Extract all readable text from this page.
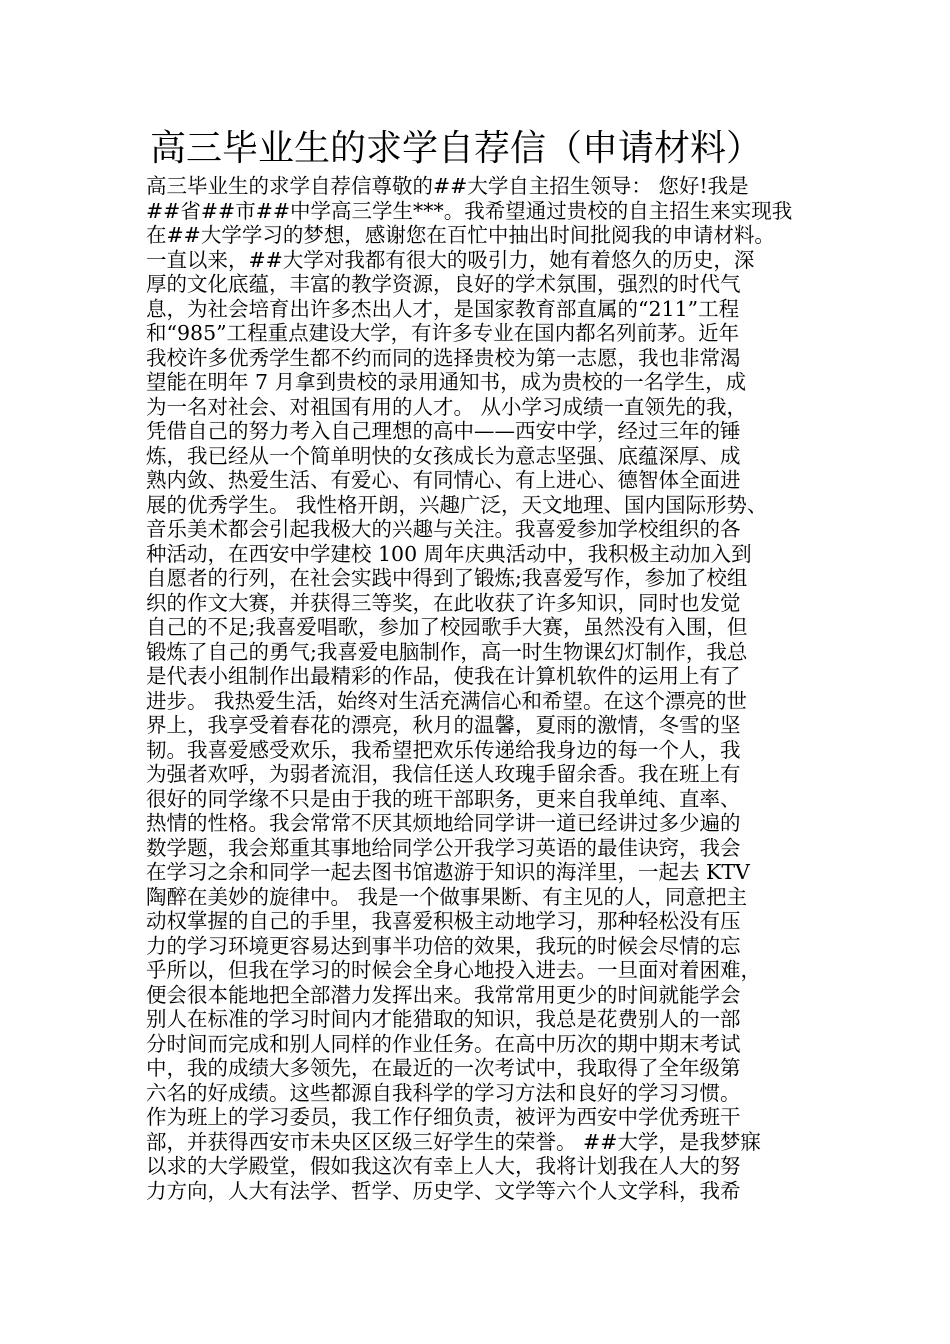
高三毕业生的求学自荐信（申请材料）
高三毕业生的求学自荐信尊敬的##大学自主招生领导： 您好!我是
##省##市##中学高三学生***。我希望通过贵校的自主招生来实现我
在##大学学习的梦想，感谢您在百忙中抽出时间批阅我的申请材料。
一直以来，##大学对我都有很大的吸引力，她有着悠久的历史，深
厚的文化底蕴，丰富的教学资源，良好的学术氛围，强烈的时代气
息，为社会培育出许多杰出人才，是国家教育部直属的“211”工程
和“985”工程重点建设大学，有许多专业在国内都名列前茅。近年
我校许多优秀学生都不约而同的选择贵校为第一志愿，我也非常渴
望能在明年 7 月拿到贵校的录用通知书，成为贵校的一名学生，成
为一名对社会、对祖国有用的人才。 从小学习成绩一直领先的我，
凭借自己的努力考入自己理想的高中——西安中学，经过三年的锤
炼，我已经从一个简单明快的女孩成长为意志坚强、底蕴深厚、成
熟内敛、热爱生活、有爱心、有同情心、有上进心、德智体全面进
展的优秀学生。 我性格开朗，兴趣广泛，天文地理、国内国际形势、
音乐美术都会引起我极大的兴趣与关注。我喜爱参加学校组织的各
种活动，在西安中学建校 100 周年庆典活动中，我积极主动加入到
自愿者的行列，在社会实践中得到了锻炼;我喜爱写作，参加了校组
织的作文大赛，并获得三等奖，在此收获了许多知识，同时也发觉
自己的不足;我喜爱唱歌，参加了校园歌手大赛，虽然没有入围，但
锻炼了自己的勇气;我喜爱电脑制作，高一时生物课幻灯制作，我总
是代表小组制作出最精彩的作品，使我在计算机软件的运用上有了
进步。 我热爱生活，始终对生活充满信心和希望。在这个漂亮的世
界上，我享受着春花的漂亮，秋月的温馨，夏雨的激情，冬雪的坚
韧。我喜爱感受欢乐，我希望把欢乐传递给我身边的每一个人，我
为强者欢呼，为弱者流泪，我信任送人玫瑰手留余香。我在班上有
很好的同学缘不只是由于我的班干部职务，更来自我单纯、直率、
热情的性格。我会常常不厌其烦地给同学讲一道已经讲过多少遍的
数学题，我会郑重其事地给同学公开我学习英语的最佳诀窍，我会
在学习之余和同学一起去图书馆遨游于知识的海洋里，一起去 KTV
陶醉在美妙的旋律中。 我是一个做事果断、有主见的人，同意把主
动权掌握的自己的手里，我喜爱积极主动地学习，那种轻松没有压
力的学习环境更容易达到事半功倍的效果，我玩的时候会尽情的忘
乎所以，但我在学习的时候会全身心地投入进去。一旦面对着困难，
便会很本能地把全部潜力发挥出来。我常常用更少的时间就能学会
别人在标准的学习时间内才能猎取的知识，我总是花费别人的一部
分时间而完成和别人同样的作业任务。在高中历次的期中期末考试
中，我的成绩大多领先，在最近的一次考试中，我取得了全年级第
六名的好成绩。这些都源自我科学的学习方法和良好的学习习惯。
作为班上的学习委员，我工作仔细负责，被评为西安中学优秀班干
部，并获得西安市未央区区级三好学生的荣誉。 ##大学，是我梦寐
以求的大学殿堂，假如我这次有幸上人大，我将计划我在人大的努
力方向，人大有法学、哲学、历史学、文学等六个人文学科，我希
